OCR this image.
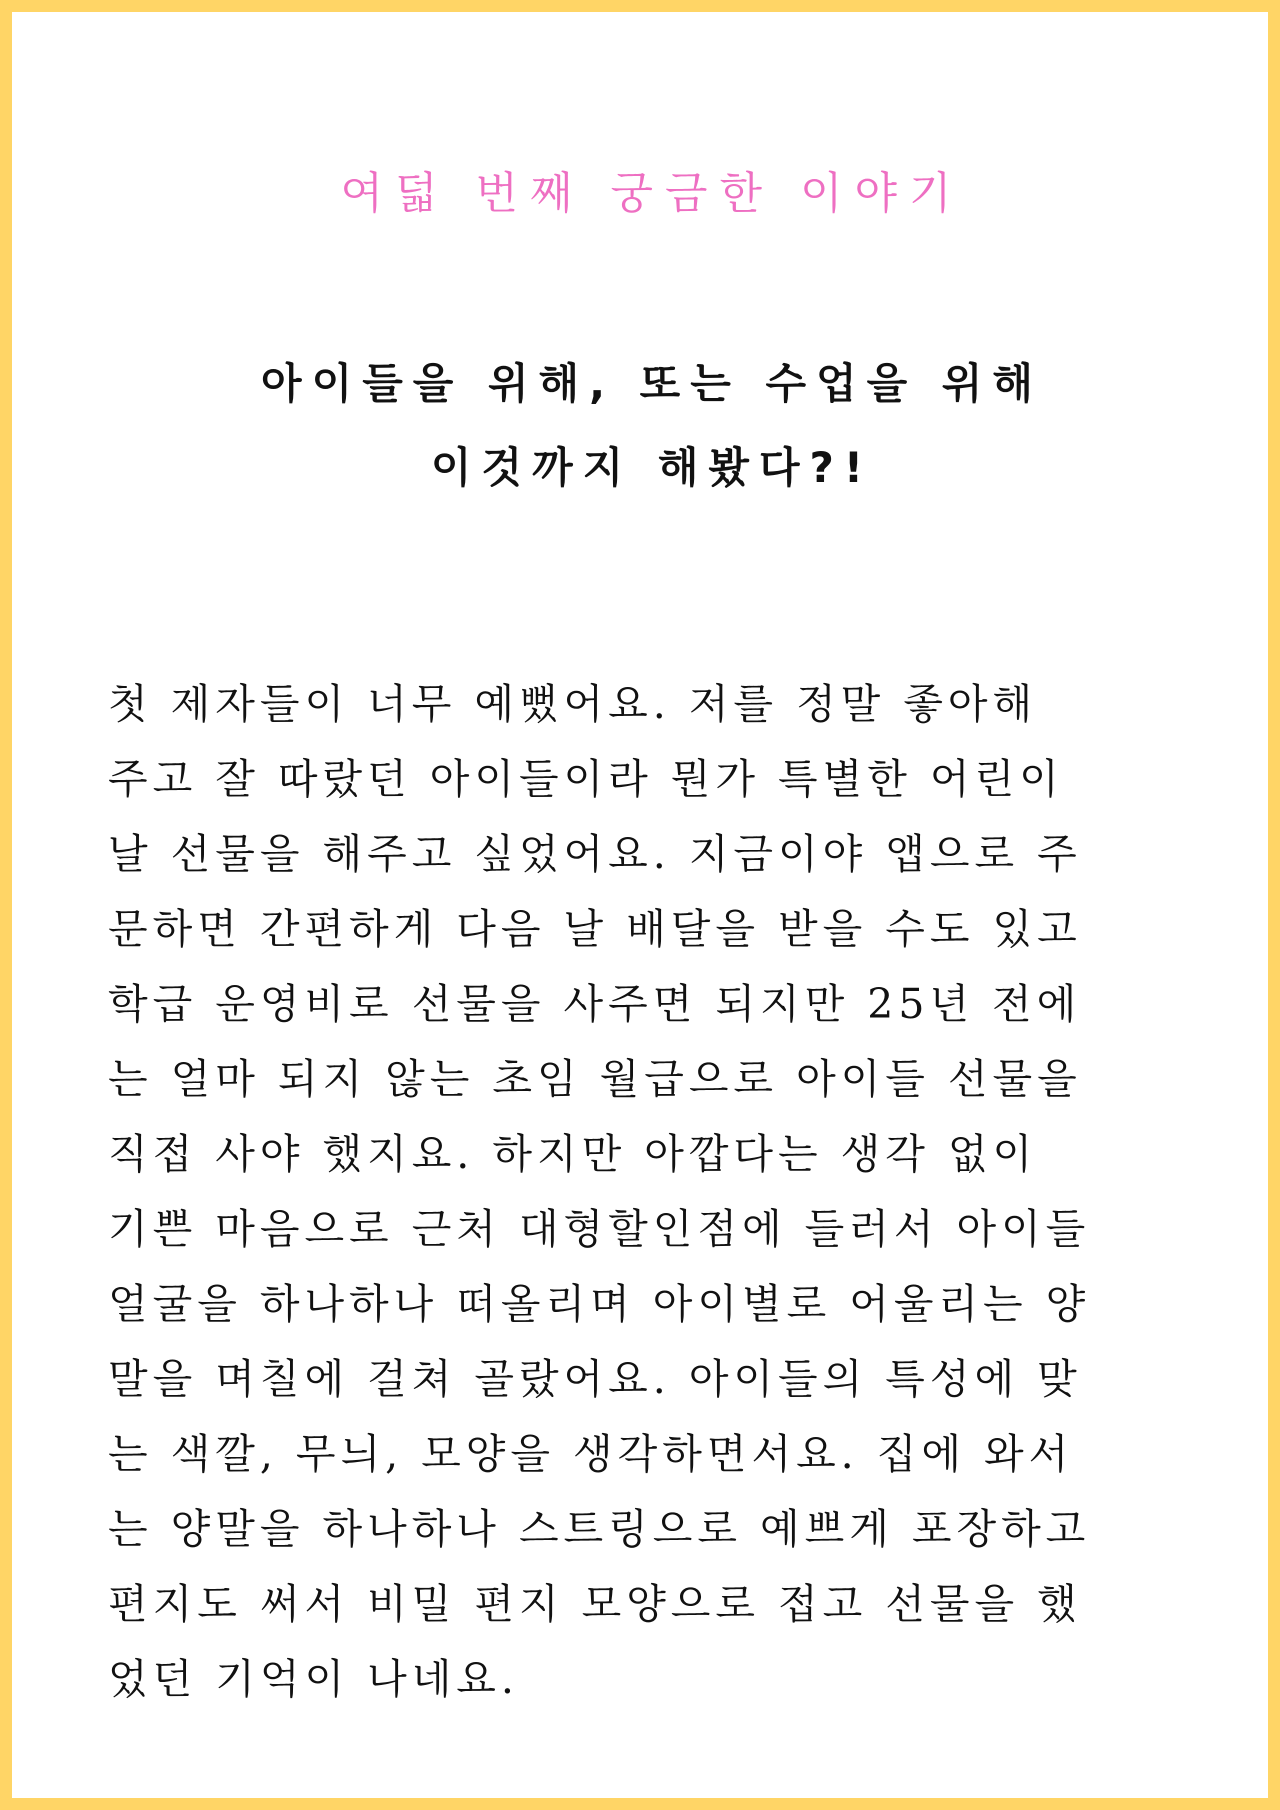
여덟 번째 궁금한 이야기
아이들을 위해, 또는 수업을 위해
이것까지 해봤다?!
첫 제자들이 너무 예뻤어요. 저를 정말 좋아해
주고 잘 따랐던 아이들이라 뭔가 특별한 어린이
날 선물을 해주고 싶었어요. 지금이야 앱으로 주
문하면 간편하게 다음 날 배달을 받을 수도 있고
학급 운영비로 선물을 사주면 되지만 25년 전에
는 얼마 되지 않는 초임 월급으로 아이들 선물을
직접 사야 했지요. 하지만 아깝다는 생각 없이
기쁜 마음으로 근처 대형할인점에 들러서 아이들
얼굴을 하나하나 떠올리며 아이별로 어울리는 양
말을 며칠에 걸쳐 골랐어요. 아이들의 특성에 맞
는 색깔, 무늬, 모양을 생각하면서요. 집에 와서
는 양말을 하나하나 스트링으로 예쁘게 포장하고
편지도 써서 비밀 편지 모양으로 접고 선물을 했
었던 기억이 나네요.
